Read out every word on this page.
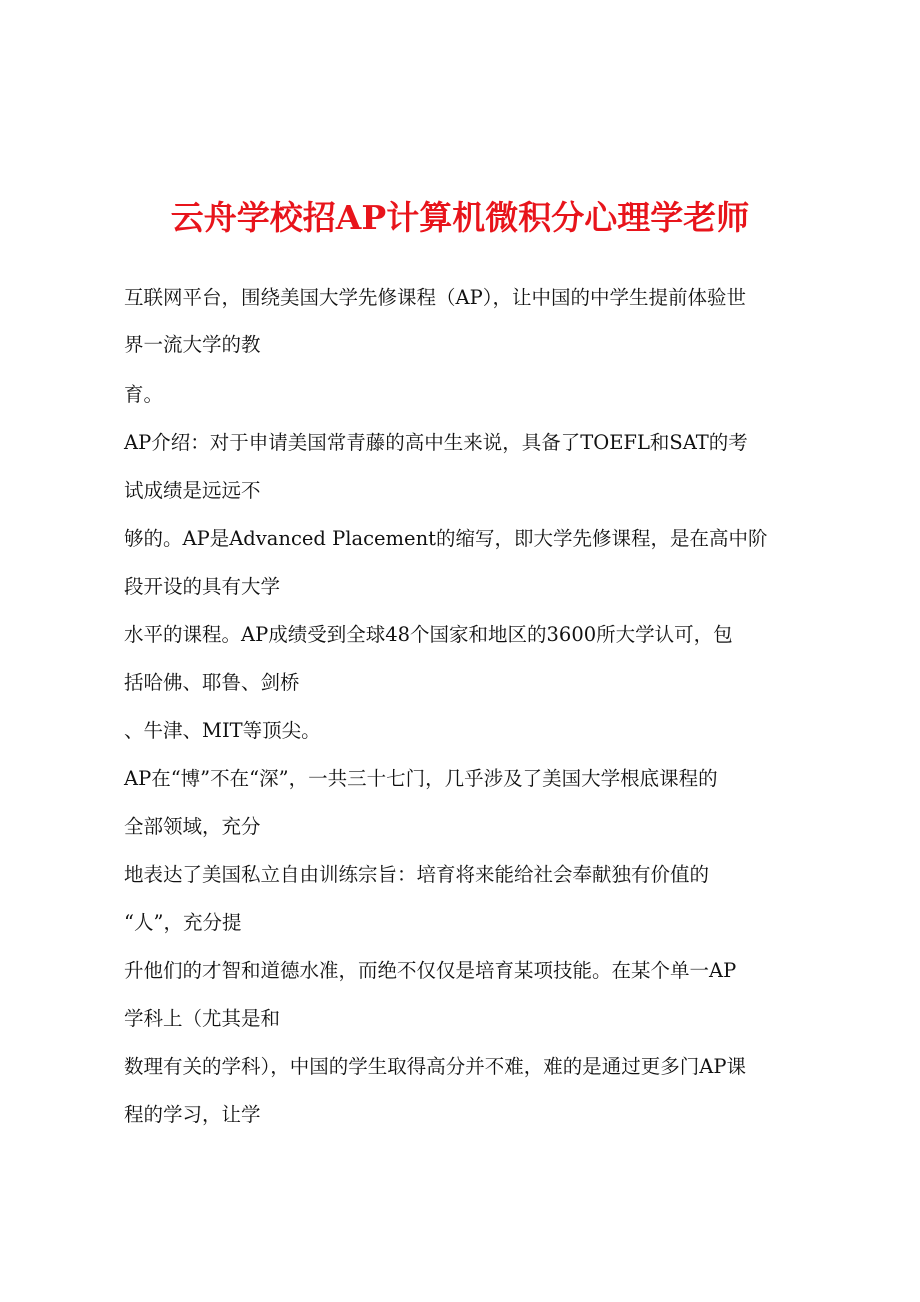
云舟学校招AP计算机微积分心理学老师

互联网平台，围绕美国大学先修课程（AP），让中国的中学生提前体验世

界一流大学的教

育。

AP介绍：对于申请美国常青藤的高中生来说，具备了TOEFL和SAT的考

试成绩是远远不

够的。AP是Advanced Placement的缩写，即大学先修课程，是在高中阶

段开设的具有大学

水平的课程。AP成绩受到全球48个国家和地区的3600所大学认可，包

括哈佛、耶鲁、剑桥

、牛津、MIT等顶尖。

AP在“博”不在“深”，一共三十七门，几乎涉及了美国大学根底课程的

全部领域，充分

地表达了美国私立自由训练宗旨：培育将来能给社会奉献独有价值的

“人”，充分提

升他们的才智和道德水准，而绝不仅仅是培育某项技能。在某个单一AP

学科上（尤其是和

数理有关的学科），中国的学生取得高分并不难，难的是通过更多门AP课

程的学习，让学
